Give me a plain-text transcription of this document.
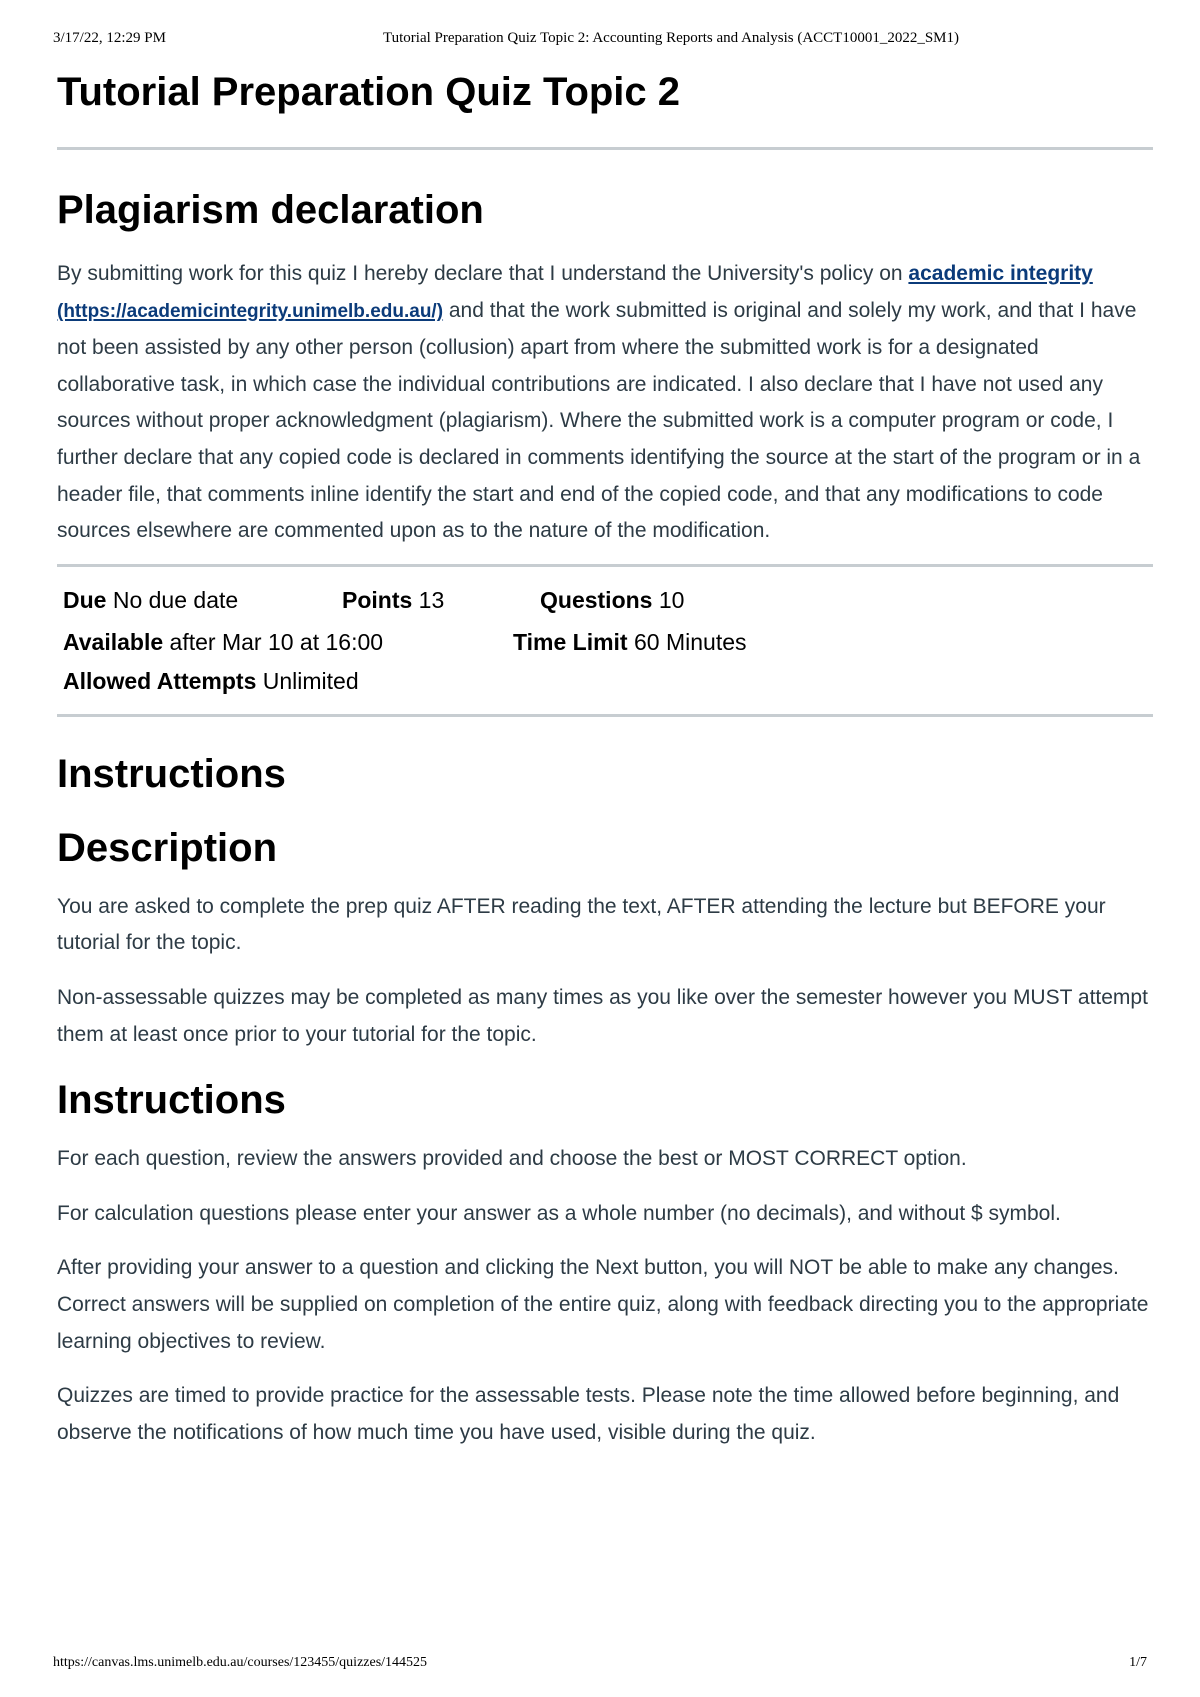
3/17/22, 12:29 PM	Tutorial Preparation Quiz Topic 2: Accounting Reports and Analysis (ACCT10001_2022_SM1)
Tutorial Preparation Quiz Topic 2
Plagiarism declaration

By submitting work for this quiz I hereby declare that I understand the University's policy on academic integrity(https://academicintegrity.unimelb.edu.au/) and that the work submitted is original and solely my work, and that I have not been assisted by any other person (collusion) apart from where the submitted work is for a designated collaborative task, in which case the individual contributions are indicated. I also declare that I have not used any sources without proper acknowledgment (plagiarism). Where the submitted work is a computer program or code, I further declare that any copied code is declared in comments identifying the source at the start of the program or in a header file, that comments inline identify the start and end of the copied code, and that any modifications to code sources elsewhere are commented upon as to the nature of the modification.

Due No due date	Points 13	Questions 10
Available after Mar 10 at 16:00	Time Limit 60 Minutes
Allowed Attempts Unlimited
Instructions
Description

You are asked to complete the prep quiz AFTER reading the text, AFTER attending the lecture but BEFORE your tutorial for the topic.

Non-assessable quizzes may be completed as many times as you like over the semester however you MUST attempt them at least once prior to your tutorial for the topic.

Instructions

For each question, review the answers provided and choose the best or MOST CORRECT option.

For calculation questions please enter your answer as a whole number (no decimals), and without $ symbol.

After providing your answer to a question and clicking the Next button, you will NOT be able to make any changes. Correct answers will be supplied on completion of the entire quiz, along with feedback directing you to the appropriate learning objectives to review.

Quizzes are timed to provide practice for the assessable tests. Please note the time allowed before beginning, and observe the notifications of how much time you have used, visible during the quiz.

https://canvas.lms.unimelb.edu.au/courses/123455/quizzes/144525	1/7
